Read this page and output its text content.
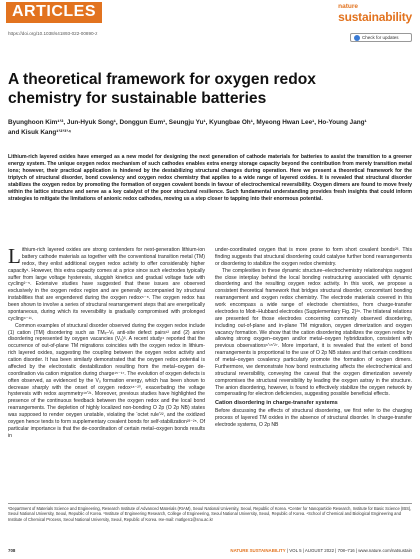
ARTICLES	nature
sustainability
https://doi.org/10.1038/s41893-022-00890-z
Check for updates
A theoretical framework for oxygen redox chemistry for sustainable batteries
Byunghoon Kim¹ʼ², Jun-Hyuk Song¹, Donggun Eum¹, Seungju Yu¹, Kyungbae Oh¹, Myeong Hwan Lee¹, Ho-Young Jang¹ and Kisuk Kang¹ʼ²ʼ³ʼ⁴
Lithium-rich layered oxides have emerged as a new model for designing the next generation of cathode materials for batteries to assist the transition to a greener energy system. The unique oxygen redox mechanism of such cathodes enables extra energy storage capacity beyond the contribution from merely transition metal ions; however, their practical application is hindered by the destabilizing structural changes during operation. Here we present a theoretical framework for the triptych of structural disorder, bond covalency and oxygen redox chemistry that applies to a wide range of layered oxides. It is revealed that structural disorder stabilizes the oxygen redox by promoting the formation of oxygen covalent bonds in favour of electrochemical reversibility. Oxygen dimers are found to move freely within the lattice structure and serve as a key catalyst of the poor structural resilience. Such fundamental understanding provides fresh insights that could inform strategies to mitigate the limitations of anionic redox cathodes, moving us a step closer to tapping into their enormous potential.

Lithium-rich layered oxides are strong contenders for next-generation lithium-ion battery cathode materials as together with the conventional transition metal (TM) redox, they enlist additional oxygen redox activity to offer considerably higher capacity¹. However, this extra capacity comes at a price since such electrodes typically suffer from large voltage hysteresis, sluggish kinetics and gradual voltage fade with cycling²⁻⁵. Extensive studies have suggested that these issues are observed exclusively in the oxygen redox region and are generally accompanied by structural instabilities that are engendered during the oxygen redox⁶⁻⁸. The oxygen redox has been shown to involve a series of structural rearrangement steps that are energetically spontaneous, during which its reversibility is gradually compromised with prolonged cycling⁹⁻¹¹.

Common examples of structural disorder observed during the oxygen redox include (1) cation (TM) disordering such as TMₗᵢ–Vₗᵢ anti-site defect pairs¹² and (2) anion disordering represented by oxygen vacancies (Vₒ)³. A recent study⁴ reported that the occurrence of out-of-plane TM migrations coincides with the oxygen redox in lithium-rich layered oxides, suggesting the coupling between the oxygen redox activity and cation disorder. It has been similarly demonstrated that the oxygen redox potential is affected by the electrostatic destabilization resulting from the metal–oxygen de-coordination via cation migration during charge¹⁵⁻¹⁷. The evolution of oxygen defects is often observed, as evidenced by the Vₒ formation energy, which has been shown to decrease sharply with the onset of oxygen redox¹⁸⁻²⁰, exacerbating the voltage hysteresis with redox asymmetry¹⁸ʼ²¹. Moreover, previous studies have highlighted the presence of the continuous feedback between the oxygen redox and the local bond rearrangements. The depletion of highly localized non-bonding O 2p (O 2p NB) states was supposed to render oxygen unstable, violating the ‘octet rule’²², and the oxidized oxygen hence tends to form supplementary covalent bonds for self-stabilization²³⁻²⁵. Of particular importance is that the de-coordination of certain metal–oxygen bonds results in

under-coordinated oxygen that is more prone to form short covalent bonds²³. This finding suggests that structural disordering could catalyse further bond rearrangements or disordering to stabilize the oxygen redox chemistry.

The complexities in these dynamic structure–electrochemistry relationships suggest the close interplay behind the local bonding restructuring associated with dynamic disordering and the resulting oxygen redox activity. In this work, we propose a consistent theoretical framework that bridges structural disorder, concomitant bonding rearrangement and oxygen redox chemistry. The electrode materials covered in this work encompass a wide range of electrode chemistries, from charge-transfer electrodes to Mott–Hubbard electrodes (Supplementary Fig. 2)²⁶. The trilateral relations are presented for those electrodes concerning commonly observed disordering, including out-of-plane and in-plane TM migration, oxygen dimerization and oxygen vacancy formation. We show that the cation disordering stabilizes the oxygen redox by allowing strong oxygen–oxygen and/or metal–oxygen hybridization, consistent with previous observations⁶ʼ¹⁵ʼ²⁷. More important, it is revealed that the extent of bond rearrangements is proportional to the use of O 2p NB states and that certain conditions of metal–oxygen covalency particularly promote the formation of oxygen dimers. Furthermore, we demonstrate how bond restructuring affects the electrochemical and structural reversibility, conveying the caveat that the oxygen dimerization severely compromises the structural reversibility by leading the oxygen astray in the structure. The anion disordering, however, is found to effectively stabilize the oxygen network by compensating for electron deficiencies, suggesting possible beneficial effects.

Cation disordering in charge-transfer systems

Before discussing the effects of structural disordering, we first refer to the charging process of layered TM oxides in the absence of structural disorder. In charge-transfer electrode systems, O 2p NB

¹Department of Materials Science and Engineering, Research Institute of Advanced Materials (RIAM), Seoul National University, Seoul, Republic of Korea. ²Center for Nanoparticle Research, Institute for Basic Science (IBS), Seoul National University, Seoul, Republic of Korea. ³Institute of Engineering Research, College of Engineering, Seoul National University, Seoul, Republic of Korea. ⁴School of Chemical and Biological Engineering and Institute of Chemical Process, Seoul National University, Seoul, Republic of Korea. ✉e-mail: matlgen1@snu.ac.kr
708	NATURE SUSTAINABILITY | VOL 5 | AUGUST 2022 | 708–716 | www.nature.com/natsustain
